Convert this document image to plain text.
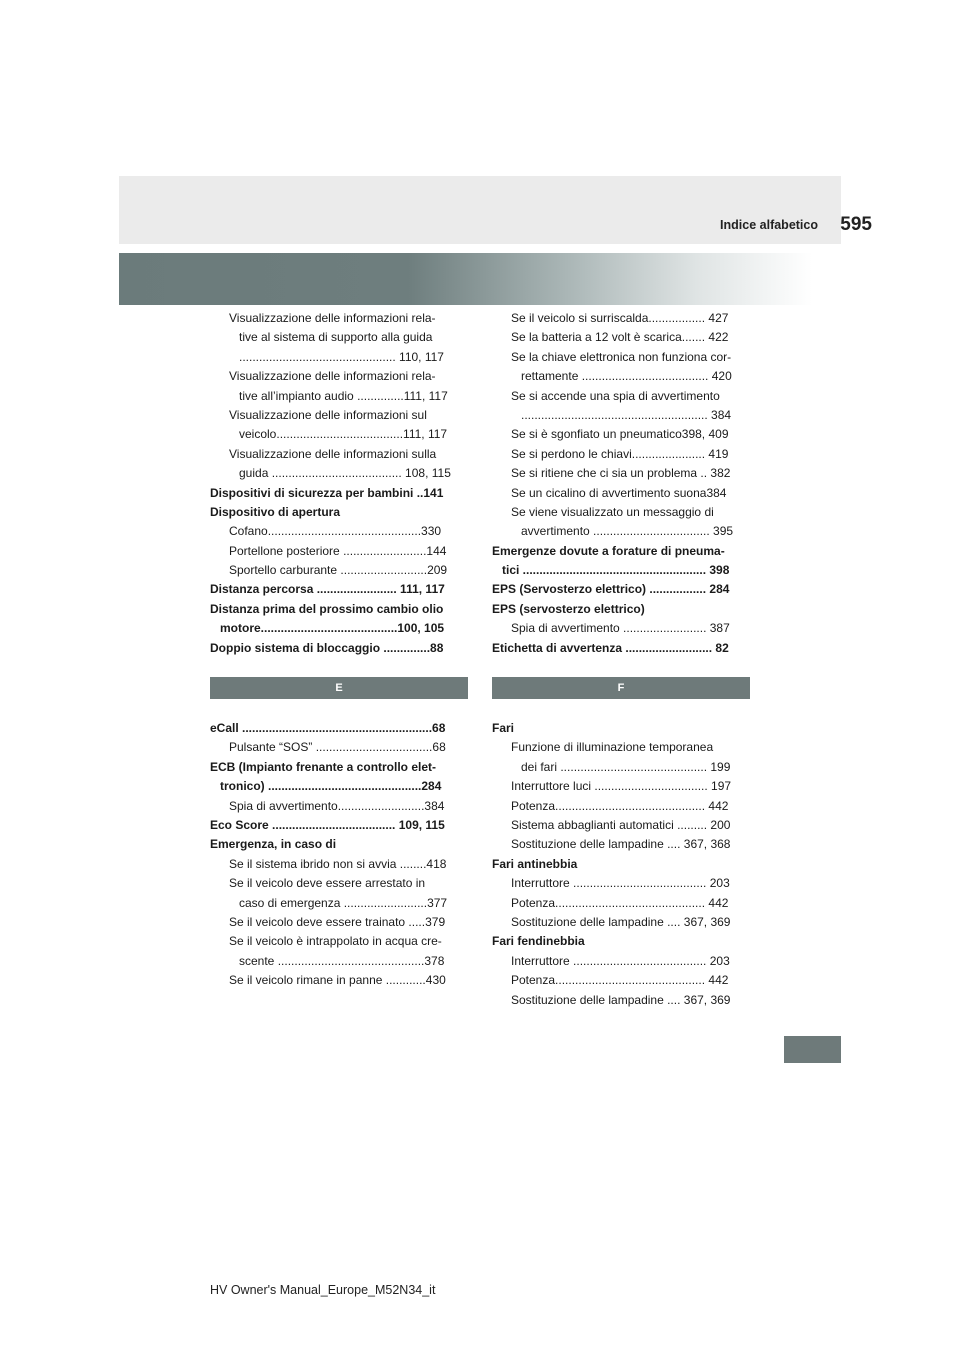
Indice alfabetico 595
Visualizzazione delle informazioni rela-
tive al sistema di supporto alla guida
............................................... 110, 117
Visualizzazione delle informazioni rela-
tive all’impianto audio ..............111, 117
Visualizzazione delle informazioni sul
veicolo......................................111, 117
Visualizzazione delle informazioni sulla
guida ....................................... 108, 115
Dispositivi di sicurezza per bambini ..141
Dispositivo di apertura
Cofano..............................................330
Portellone posteriore .........................144
Sportello carburante ..........................209
Distanza percorsa ........................ 111, 117
Distanza prima del prossimo cambio olio
motore.........................................100, 105
Doppio sistema di bloccaggio ..............88
E
eCall .........................................................68
Pulsante “SOS” ...................................68
ECB (Impianto frenante a controllo elet-
tronico) ..............................................284
Spia di avvertimento..........................384
Eco Score ..................................... 109, 115
Emergenza, in caso di
Se il sistema ibrido non si avvia ........418
Se il veicolo deve essere arrestato in
caso di emergenza .........................377
Se il veicolo deve essere trainato .....379
Se il veicolo è intrappolato in acqua cre-
scente ............................................378
Se il veicolo rimane in panne ............430
Se il veicolo si surriscalda................. 427
Se la batteria a 12 volt è scarica....... 422
Se la chiave elettronica non funziona cor-
rettamente ...................................... 420
Se si accende una spia di avvertimento
........................................................ 384
Se si è sgonfiato un pneumatico398, 409
Se si perdono le chiavi...................... 419
Se si ritiene che ci sia un problema .. 382
Se un cicalino di avvertimento suona384
Se viene visualizzato un messaggio di
avvertimento ................................... 395
Emergenze dovute a forature di pneuma-
tici ....................................................... 398
EPS (Servosterzo elettrico) ................. 284
EPS (servosterzo elettrico)
Spia di avvertimento ......................... 387
Etichetta di avvertenza .......................... 82
F
Fari
Funzione di illuminazione temporanea
dei fari ............................................ 199
Interruttore luci .................................. 197
Potenza............................................. 442
Sistema abbaglianti automatici ......... 200
Sostituzione delle lampadine .... 367, 368
Fari antinebbia
Interruttore ........................................ 203
Potenza............................................. 442
Sostituzione delle lampadine .... 367, 369
Fari fendinebbia
Interruttore ........................................ 203
Potenza............................................. 442
Sostituzione delle lampadine .... 367, 369
HV Owner's Manual_Europe_M52N34_it
